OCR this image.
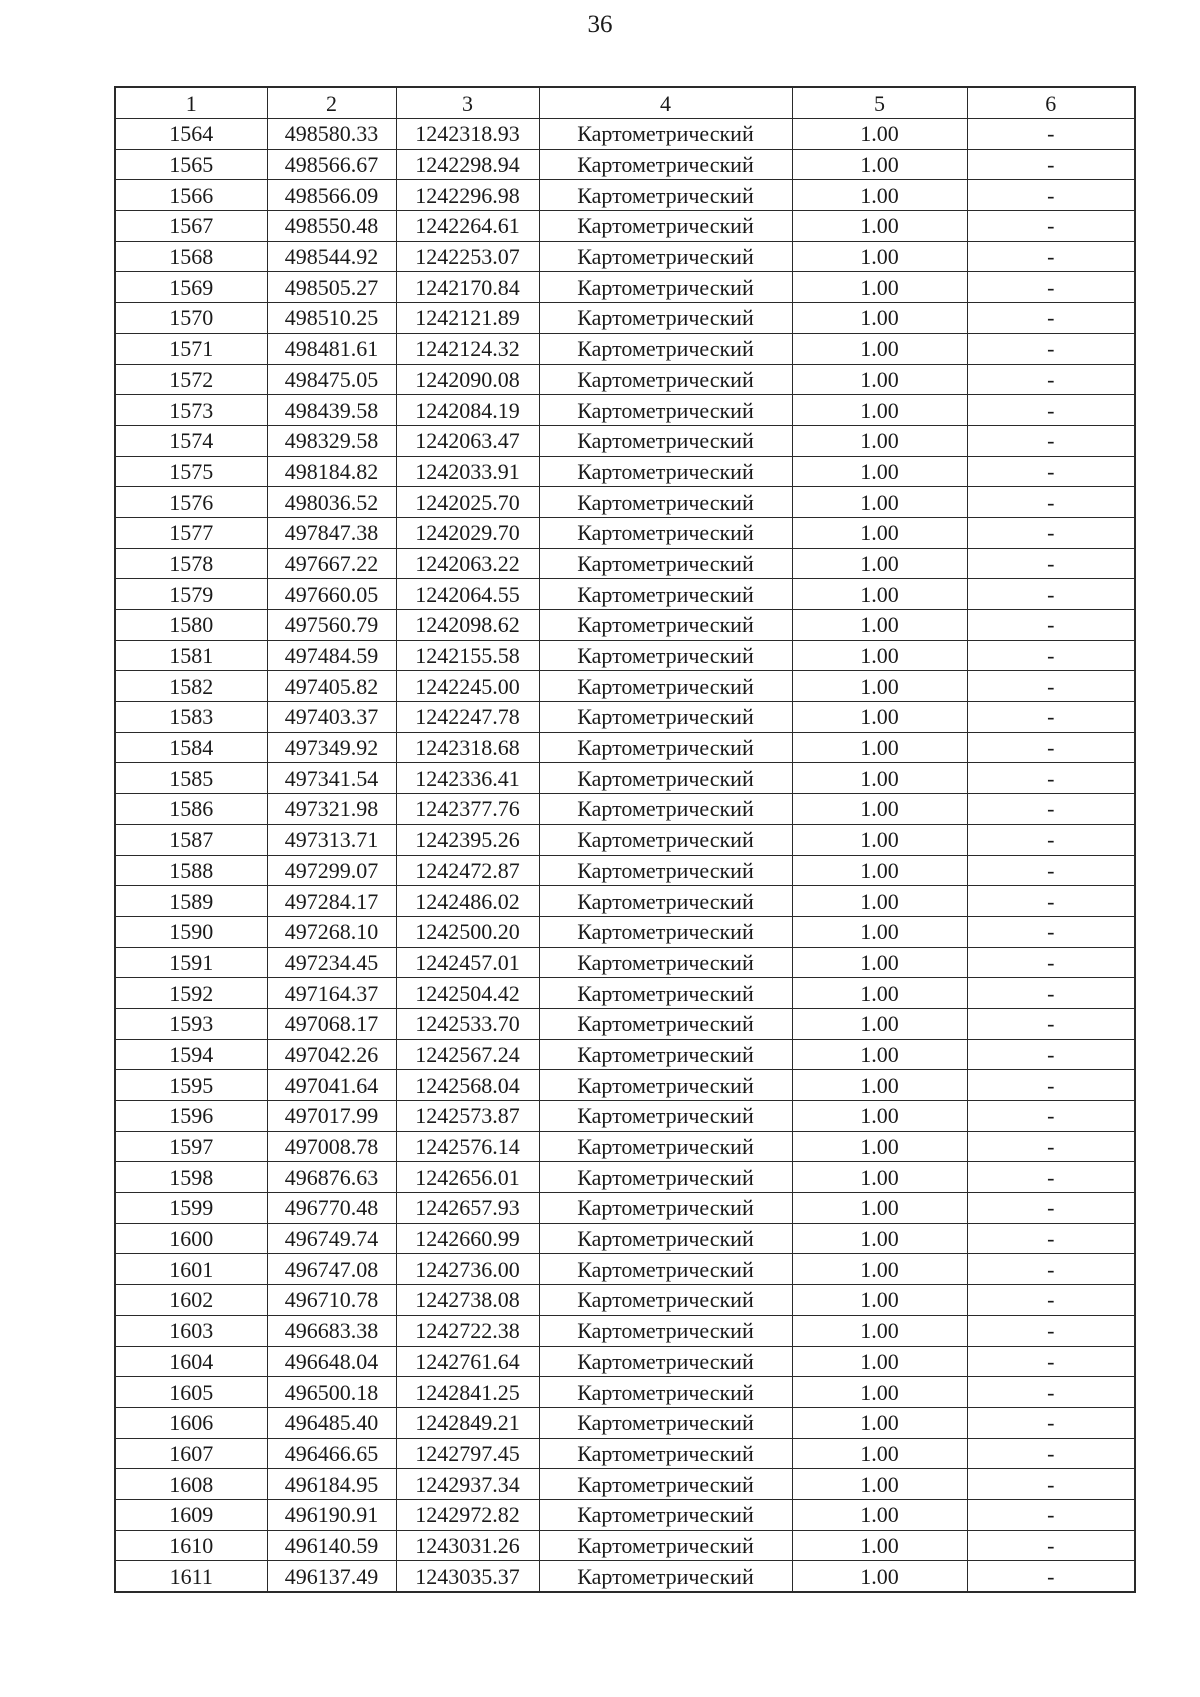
36
1	2	3	4	5	6
1564	498580.33	1242318.93	Картометрический	1.00	-
1565	498566.67	1242298.94	Картометрический	1.00	-
1566	498566.09	1242296.98	Картометрический	1.00	-
1567	498550.48	1242264.61	Картометрический	1.00	-
1568	498544.92	1242253.07	Картометрический	1.00	-
1569	498505.27	1242170.84	Картометрический	1.00	-
1570	498510.25	1242121.89	Картометрический	1.00	-
1571	498481.61	1242124.32	Картометрический	1.00	-
1572	498475.05	1242090.08	Картометрический	1.00	-
1573	498439.58	1242084.19	Картометрический	1.00	-
1574	498329.58	1242063.47	Картометрический	1.00	-
1575	498184.82	1242033.91	Картометрический	1.00	-
1576	498036.52	1242025.70	Картометрический	1.00	-
1577	497847.38	1242029.70	Картометрический	1.00	-
1578	497667.22	1242063.22	Картометрический	1.00	-
1579	497660.05	1242064.55	Картометрический	1.00	-
1580	497560.79	1242098.62	Картометрический	1.00	-
1581	497484.59	1242155.58	Картометрический	1.00	-
1582	497405.82	1242245.00	Картометрический	1.00	-
1583	497403.37	1242247.78	Картометрический	1.00	-
1584	497349.92	1242318.68	Картометрический	1.00	-
1585	497341.54	1242336.41	Картометрический	1.00	-
1586	497321.98	1242377.76	Картометрический	1.00	-
1587	497313.71	1242395.26	Картометрический	1.00	-
1588	497299.07	1242472.87	Картометрический	1.00	-
1589	497284.17	1242486.02	Картометрический	1.00	-
1590	497268.10	1242500.20	Картометрический	1.00	-
1591	497234.45	1242457.01	Картометрический	1.00	-
1592	497164.37	1242504.42	Картометрический	1.00	-
1593	497068.17	1242533.70	Картометрический	1.00	-
1594	497042.26	1242567.24	Картометрический	1.00	-
1595	497041.64	1242568.04	Картометрический	1.00	-
1596	497017.99	1242573.87	Картометрический	1.00	-
1597	497008.78	1242576.14	Картометрический	1.00	-
1598	496876.63	1242656.01	Картометрический	1.00	-
1599	496770.48	1242657.93	Картометрический	1.00	-
1600	496749.74	1242660.99	Картометрический	1.00	-
1601	496747.08	1242736.00	Картометрический	1.00	-
1602	496710.78	1242738.08	Картометрический	1.00	-
1603	496683.38	1242722.38	Картометрический	1.00	-
1604	496648.04	1242761.64	Картометрический	1.00	-
1605	496500.18	1242841.25	Картометрический	1.00	-
1606	496485.40	1242849.21	Картометрический	1.00	-
1607	496466.65	1242797.45	Картометрический	1.00	-
1608	496184.95	1242937.34	Картометрический	1.00	-
1609	496190.91	1242972.82	Картометрический	1.00	-
1610	496140.59	1243031.26	Картометрический	1.00	-
1611	496137.49	1243035.37	Картометрический	1.00	-
